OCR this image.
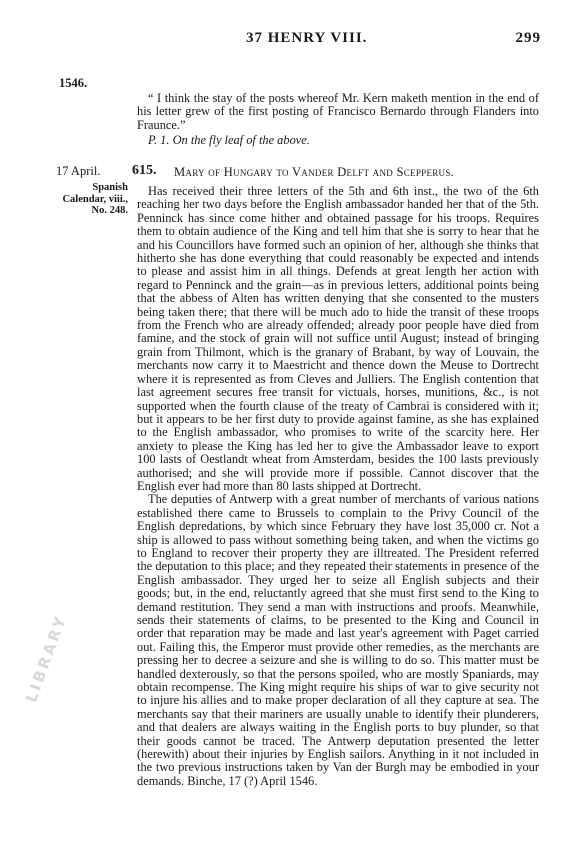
37 HENRY VIII.	299
1546.

“ I think the stay of the posts whereof Mr. Kern maketh mention in the end of his letter grew of the first posting of Francisco Bernardo through Flanders into Fraunce.”

P. 1. On the fly leaf of the above.

17 April. 615. Mary of Hungary to Vander Delft and Scepperus.
Spanish Calendar, viii., No. 248.

Has received their three letters of the 5th and 6th inst., the two of the 6th reaching her two days before the English ambassador handed her that of the 5th. Penninck has since come hither and obtained passage for his troops. Requires them to obtain audience of the King and tell him that she is sorry to hear that he and his Councillors have formed such an opinion of her, although she thinks that hitherto she has done everything that could reasonably be expected and intends to please and assist him in all things. Defends at great length her action with regard to Penninck and the grain—as in previous letters, additional points being that the abbess of Alten has written denying that she consented to the musters being taken there; that there will be much ado to hide the transit of these troops from the French who are already offended; already poor people have died from famine, and the stock of grain will not suffice until August; instead of bringing grain from Thilmont, which is the granary of Brabant, by way of Louvain, the merchants now carry it to Maestricht and thence down the Meuse to Dortrecht where it is represented as from Cleves and Julliers. The English contention that last agreement secures free transit for victuals, horses, munitions, &c., is not supported when the fourth clause of the treaty of Cambrai is considered with it; but it appears to be her first duty to provide against famine, as she has explained to the English ambassador, who promises to write of the scarcity here. Her anxiety to please the King has led her to give the Ambassador leave to export 100 lasts of Oestlandt wheat from Amsterdam, besides the 100 lasts previously authorised; and she will provide more if possible. Cannot discover that the English ever had more than 80 lasts shipped at Dortrecht.

The deputies of Antwerp with a great number of merchants of various nations established there came to Brussels to complain to the Privy Council of the English depredations, by which since February they have lost 35,000 cr. Not a ship is allowed to pass without something being taken, and when the victims go to England to recover their property they are illtreated. The President referred the deputation to this place; and they repeated their statements in presence of the English ambassador. They urged her to seize all English subjects and their goods; but, in the end, reluctantly agreed that she must first send to the King to demand restitution. They send a man with instructions and proofs. Meanwhile, sends their statements of claims, to be presented to the King and Council in order that reparation may be made and last year's agreement with Paget carried out. Failing this, the Emperor must provide other remedies, as the merchants are pressing her to decree a seizure and she is willing to do so. This matter must be handled dexterously, so that the persons spoiled, who are mostly Spaniards, may obtain recompense. The King might require his ships of war to give security not to injure his allies and to make proper declaration of all they capture at sea. The merchants say that their mariners are usually unable to identify their plunderers, and that dealers are always waiting in the English ports to buy plunder, so that their goods cannot be traced. The Antwerp deputation presented the letter (herewith) about their injuries by English sailors. Anything in it not included in the two previous instructions taken by Van der Burgh may be embodied in your demands. Binche, 17 (?) April 1546.

LIBRARY
